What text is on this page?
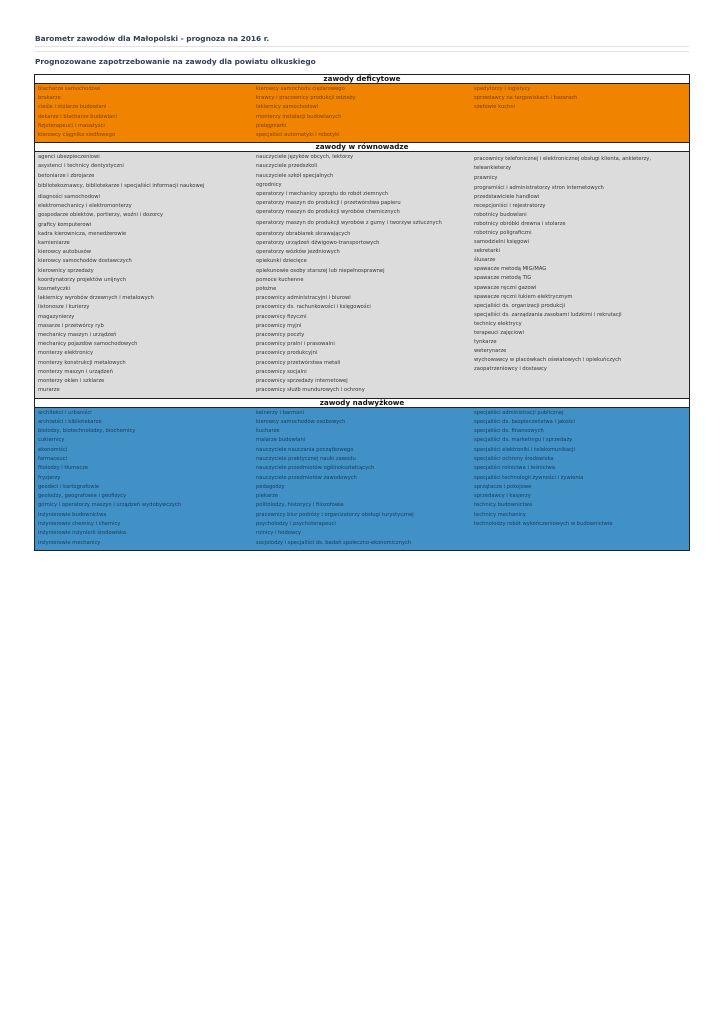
Barometr zawodów dla Małopolski - prognoza na 2016 r.
Prognozowane zapotrzebowanie na zawody dla powiatu olkuskiego
zawody deficytowe
blacharze samochodowi
brukarze
cieśle i stolarze budowlani
dekarze i blacharze budowlani
fizjoterapeuci i masażyści
kierowcy ciągnika siodłowego
kierowcy samochodu ciężarowego
krawcy i pracownicy produkcji odzieży
lakiernicy samochodowi
monterzy instalacji budowlanych
pielęgniarki
specjaliści automatyki i robotyki
spedytorzy i logistycy
sprzedawcy na targowiskach i bazarach
szefowie kuchni
zawody w równowadze
agenci ubezpieczeniowi
asystenci i technicy dentystyczni
betoniarze i zbrojarze
bibliotekoznawcy, bibliotekarze i specjaliści informacji naukowej
diagności samochodowi
elektromechanicy i elektromonterzy
gospodarze obiektów, portierzy, woźni i dozorcy
graficy komputerowi
kadra kierownicza, menedżerowie
kamieniarze
kierowcy autobusów
kierowcy samochodów dostawczych
kierownicy sprzedaży
koordynatorzy projektów unijnych
kosmetyczki
lakiernicy wyrobów drzewnych i metalowych
listonosze i kurierzy
magazynierzy
masarze i przetwórcy ryb
mechanicy maszyn i urządzeń
mechanicy pojazdów samochodowych
monterzy elektronicy
monterzy konstrukcji metalowych
monterzy maszyn i urządzeń
monterzy okien i szklarze
murarze
nauczyciele języków obcych, lektorzy
nauczyciele przedszkoli
nauczyciele szkół specjalnych
ogrodnicy
operatorzy i mechanicy sprzętu do robót ziemnych
operatorzy maszyn do produkcji i przetwórstwa papieru
operatorzy maszyn do produkcji wyrobów chemicznych
operatorzy maszyn do produkcji wyrobów z gumy i tworzyw sztucznych
operatorzy obrabiarek skrawających
operatorzy urządzeń dźwigowo-transportowych
operatorzy wózków jezdniowych
opiekunki dziecięce
opiekunowie osoby starszej lub niepełnosprawnej
pomoce kuchenne
położne
pracownicy administracyjni i biurowi
pracownicy ds. rachunkowości i księgowości
pracownicy fizyczni
pracownicy myjni
pracownicy poczty
pracownicy pralni i prasowalni
pracownicy produkcyjni
pracownicy przetwórstwa metali
pracownicy socjalni
pracownicy sprzedaży internetowej
pracownicy służb mundurowych i ochrony
pracownicy telefonicznej i elektronicznej obsługi klienta, ankieterzy, teleankieterzy
prawnicy
programiści i administratorzy stron internetowych
przedstawiciele handlowi
recepcjoniści i rejestratorzy
robotnicy budowlani
robotnicy obróbki drewna i stolarze
robotnicy poligraficzni
samodzielni księgowi
sekretarki
ślusarze
spawacze metodą MIG/MAG
spawacze metodą TIG
spawacze ręczni gazowi
spawacze ręczni łukiem elektrycznym
specjaliści ds. organizacji produkcji
specjaliści ds. zarządzania zasobami ludzkimi i rekrutacji
technicy elektrycy
terapeuci zajęciowi
tynkarze
weterynarze
wychowawcy w placówkach oświatowych i opiekuńczych
zaopatrzeniowcy i dostawcy
zawody nadwyżkowe
architekci i urbaniści
archiwiści i bibliotekarze
biolodzy, biotechnolodzy, biochemicy
cukiernicy
ekonomiści
farmaceuci
filolodzy i tłumacze
fryzjerzy
geodeci i kartografowie
geolodzy, geografowie i geofizycy
górnicy i operatorzy maszyn i urządzeń wydobywczych
inżynierowie budownictwa
inżynierowie chemicy i chemicy
inżynierowie inżynierii środowiska
inżynierowie mechanicy
kelnerzy i barmani
kierowcy samochodów osobowych
kucharze
malarze budowlani
nauczyciele nauczania początkowego
nauczyciele praktycznej nauki zawodu
nauczyciele przedmiotów ogólnokształcących
nauczyciele przedmiotów zawodowych
pedagodzy
piekarze
politolodzy, historycy i filozofowie
pracownicy biur podróży i organizatorzy obsługi turystycznej
psycholodzy i psychoterapeuci
rolnicy i hodowcy
socjolodzy i specjaliści ds. badań społeczno-ekonomicznych
specjaliści administracji publicznej
specjaliści ds. bezpieczeństwa i jakości
specjaliści ds. finansowych
specjaliści ds. marketingu i sprzedaży
specjaliści elektroniki i telekomunikacji
specjaliści ochrony środowiska
specjaliści rolnictwa i leśnictwa
specjaliści technologii żywności i żywienia
sprzątacze i pokojowe
sprzedawcy i kasjerzy
technicy budownictwa
technicy mechanicy
technolodzy robót wykończeniowych w budownictwie
